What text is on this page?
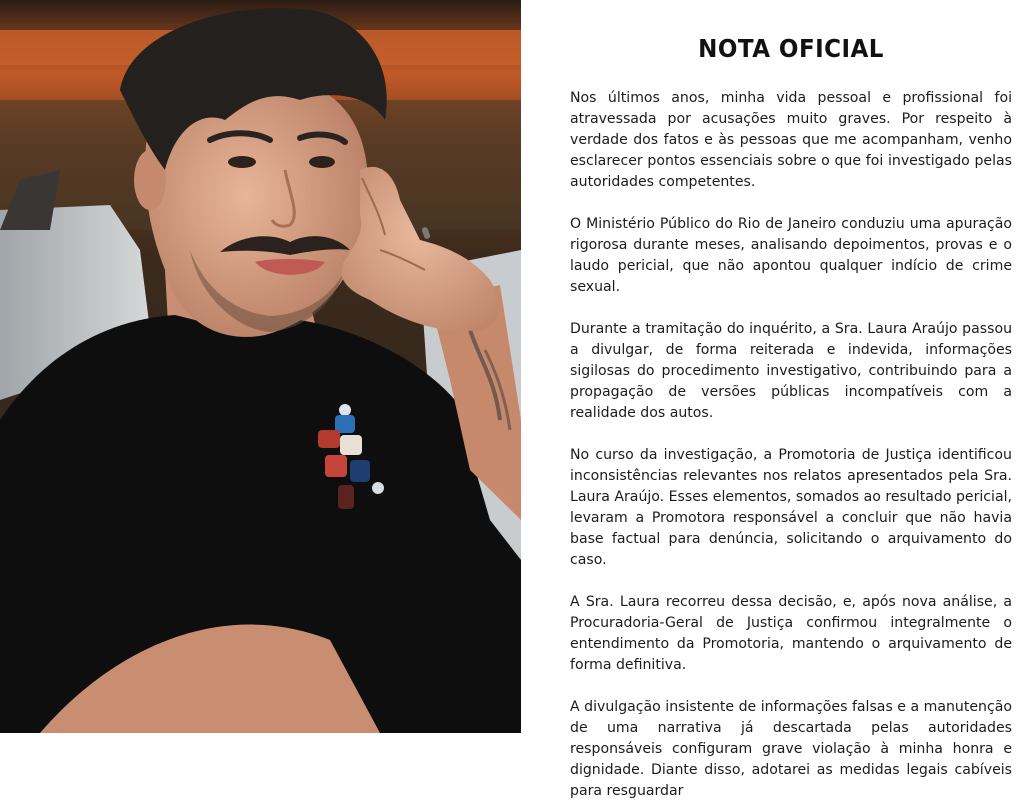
NOTA OFICIAL

Nos últimos anos, minha vida pessoal e profissional foi atravessada por acusações muito graves. Por respeito à verdade dos fatos e às pessoas que me acompanham, venho esclarecer pontos essenciais sobre o que foi investigado pelas autoridades competentes.

O Ministério Público do Rio de Janeiro conduziu uma apuração rigorosa durante meses, analisando depoimentos, provas e o laudo pericial, que não apontou qualquer indício de crime sexual.

Durante a tramitação do inquérito, a Sra. Laura Araújo passou a divulgar, de forma reiterada e indevida, informações sigilosas do procedimento investigativo, contribuindo para a propagação de versões públicas incompatíveis com a realidade dos autos.

No curso da investigação, a Promotoria de Justiça identificou inconsistências relevantes nos relatos apresentados pela Sra. Laura Araújo. Esses elementos, somados ao resultado pericial, levaram a Promotora responsável a concluir que não havia base factual para denúncia, solicitando o arquivamento do caso.

A Sra. Laura recorreu dessa decisão, e, após nova análise, a Procuradoria-Geral de Justiça confirmou integralmente o entendimento da Promotoria, mantendo o arquivamento de forma definitiva.

A divulgação insistente de informações falsas e a manutenção de uma narrativa já descartada pelas autoridades responsáveis configuram grave violação à minha honra e dignidade. Diante disso, adotarei as medidas legais cabíveis para resguardar
